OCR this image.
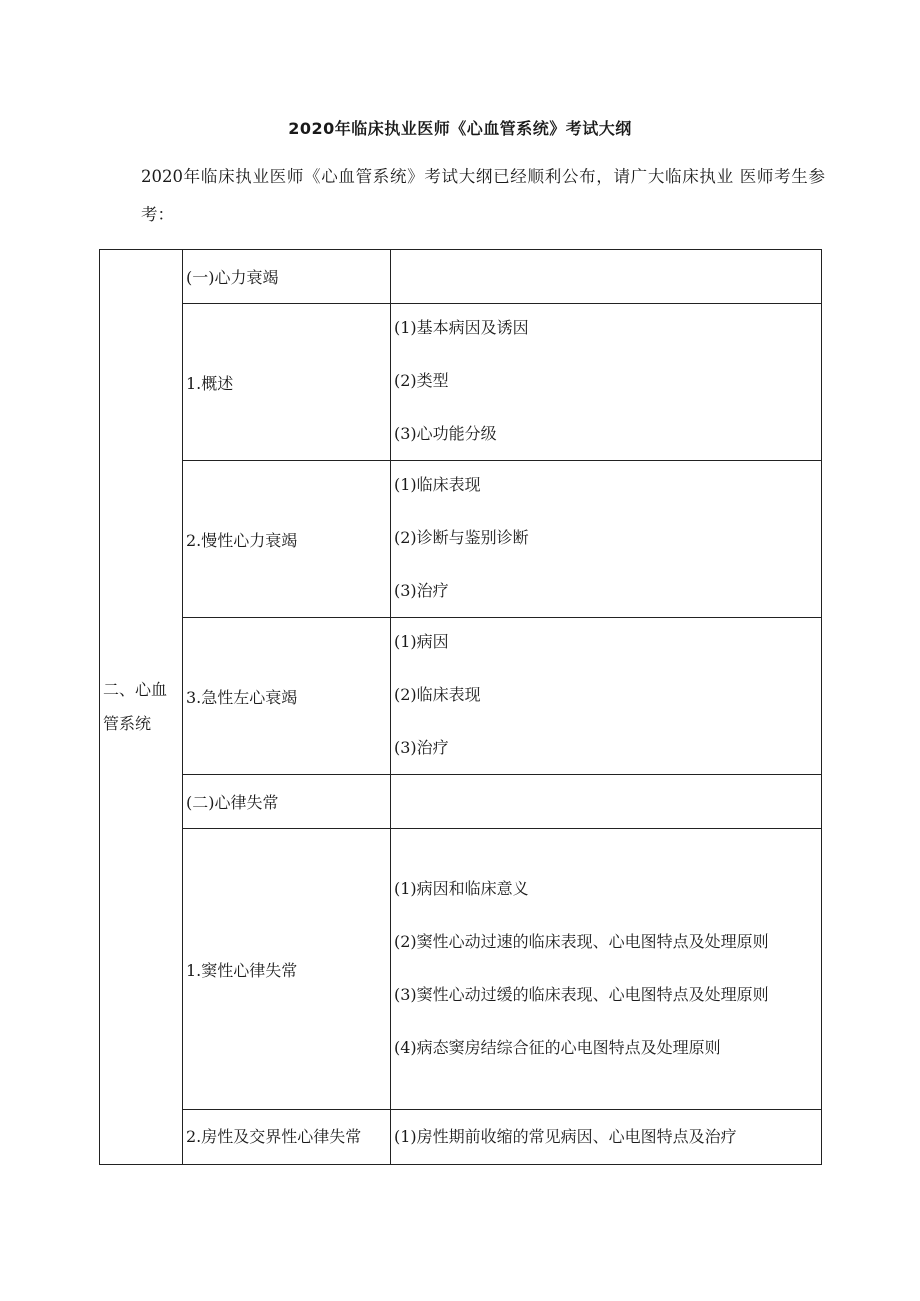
2020年临床执业医师《心血管系统》考试大纲
2020年临床执业医师《心血管系统》考试大纲已经顺利公布，请广大临床执业 医师考生参考：
二、心血管系统	(一)心力衰竭	
	1.概述	(1)基本病因及诱因
(2)类型
(3)心功能分级

	2.慢性心力衰竭	(1)临床表现
(2)诊断与鉴别诊断
(3)治疗

	3.急性左心衰竭	(1)病因
(2)临床表现
(3)治疗

	(二)心律失常	
	1.窦性心律失常	(1)病因和临床意义
(2)窦性心动过速的临床表现、心电图特点及处理原则
(3)窦性心动过缓的临床表现、心电图特点及处理原则
(4)病态窦房结综合征的心电图特点及处理原则

	2.房性及交界性心律失常	(1)房性期前收缩的常见病因、心电图特点及治疗
